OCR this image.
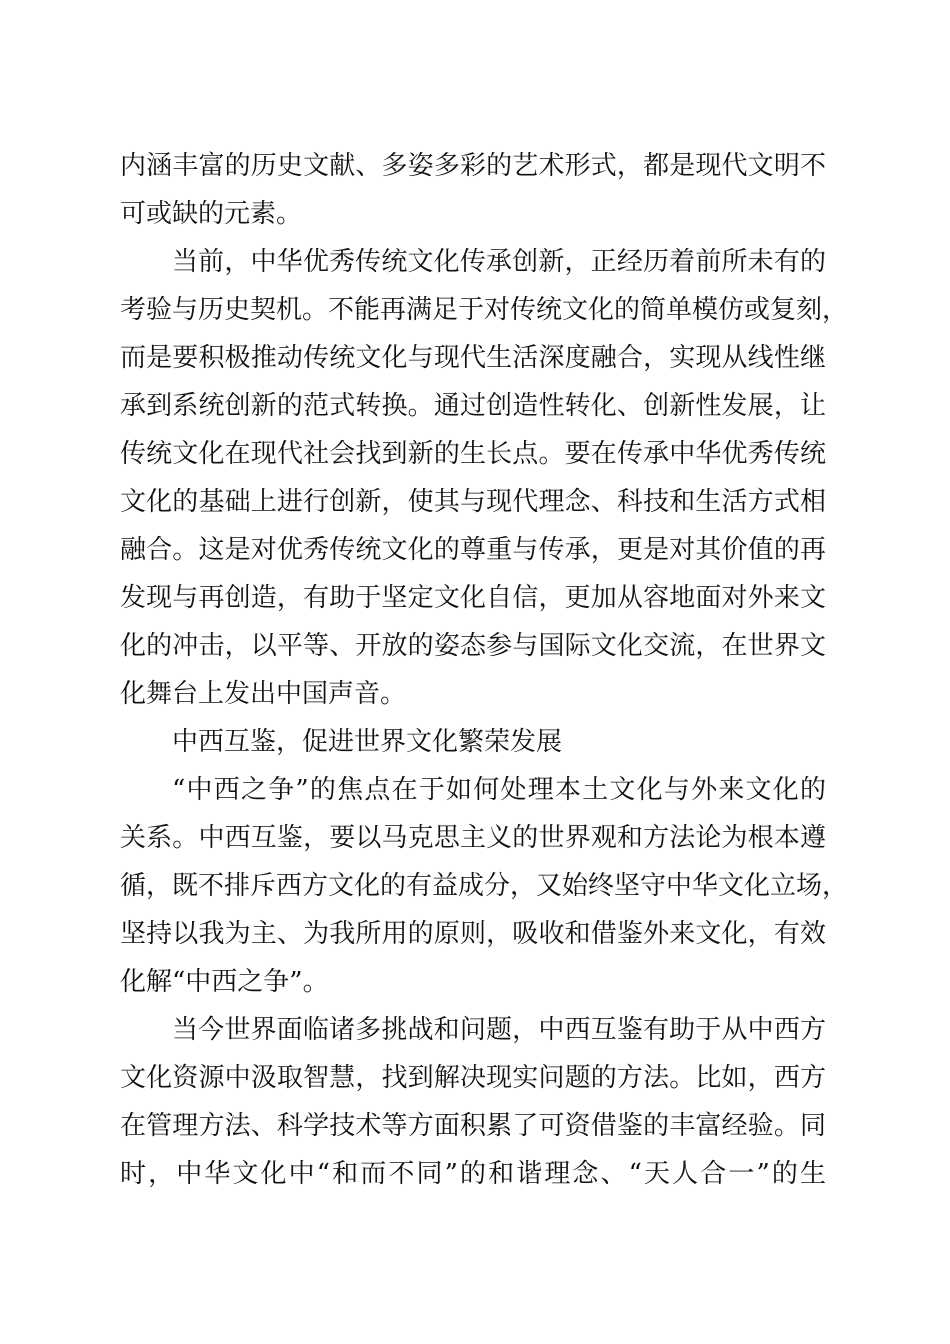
内涵丰富的历史文献、多姿多彩的艺术形式，都是现代文明不
可或缺的元素。
当前，中华优秀传统文化传承创新，正经历着前所未有的
考验与历史契机。不能再满足于对传统文化的简单模仿或复刻，
而是要积极推动传统文化与现代生活深度融合，实现从线性继
承到系统创新的范式转换。通过创造性转化、创新性发展，让
传统文化在现代社会找到新的生长点。要在传承中华优秀传统
文化的基础上进行创新，使其与现代理念、科技和生活方式相
融合。这是对优秀传统文化的尊重与传承，更是对其价值的再
发现与再创造，有助于坚定文化自信，更加从容地面对外来文
化的冲击，以平等、开放的姿态参与国际文化交流，在世界文
化舞台上发出中国声音。
中西互鉴，促进世界文化繁荣发展
“中西之争”的焦点在于如何处理本土文化与外来文化的
关系。中西互鉴，要以马克思主义的世界观和方法论为根本遵
循，既不排斥西方文化的有益成分，又始终坚守中华文化立场，
坚持以我为主、为我所用的原则，吸收和借鉴外来文化，有效
化解“中西之争”。
当今世界面临诸多挑战和问题，中西互鉴有助于从中西方
文化资源中汲取智慧，找到解决现实问题的方法。比如，西方
在管理方法、科学技术等方面积累了可资借鉴的丰富经验。同
时，中华文化中“和而不同”的和谐理念、“天人合一”的生
